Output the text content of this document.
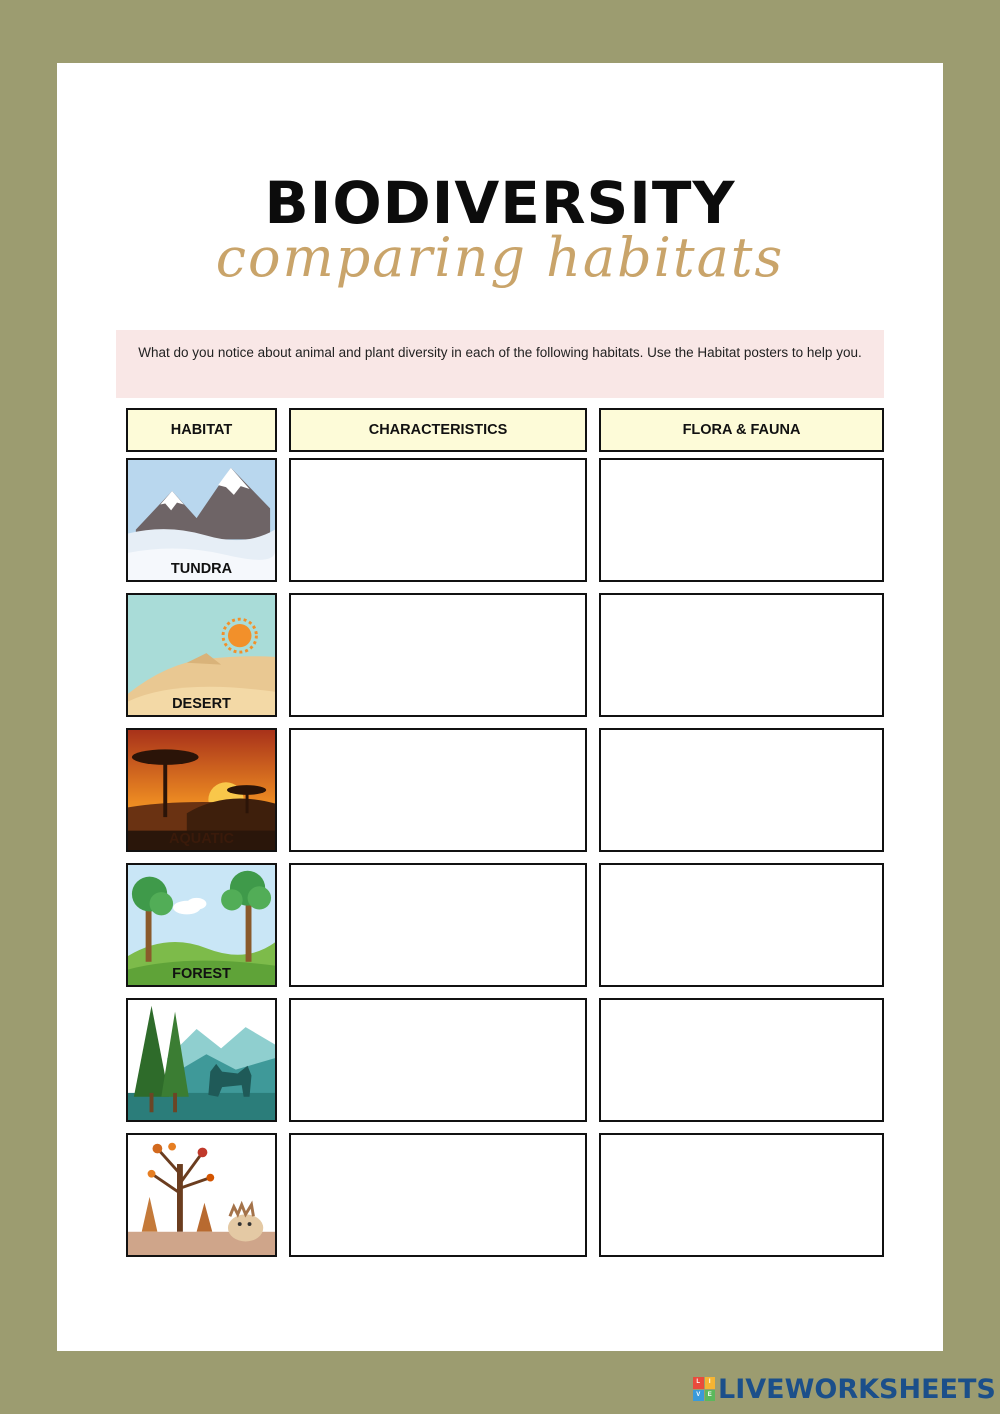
BIODIVERSITY
comparing habitats
What do you notice about animal and plant diversity in each of the following habitats. Use the Habitat posters to help you.
HABITAT	CHARACTERISTICS	FLORA & FAUNA
TUNDRA
DESERT
AQUATIC
FOREST
L	I
V	E LIVEWORKSHEETS
